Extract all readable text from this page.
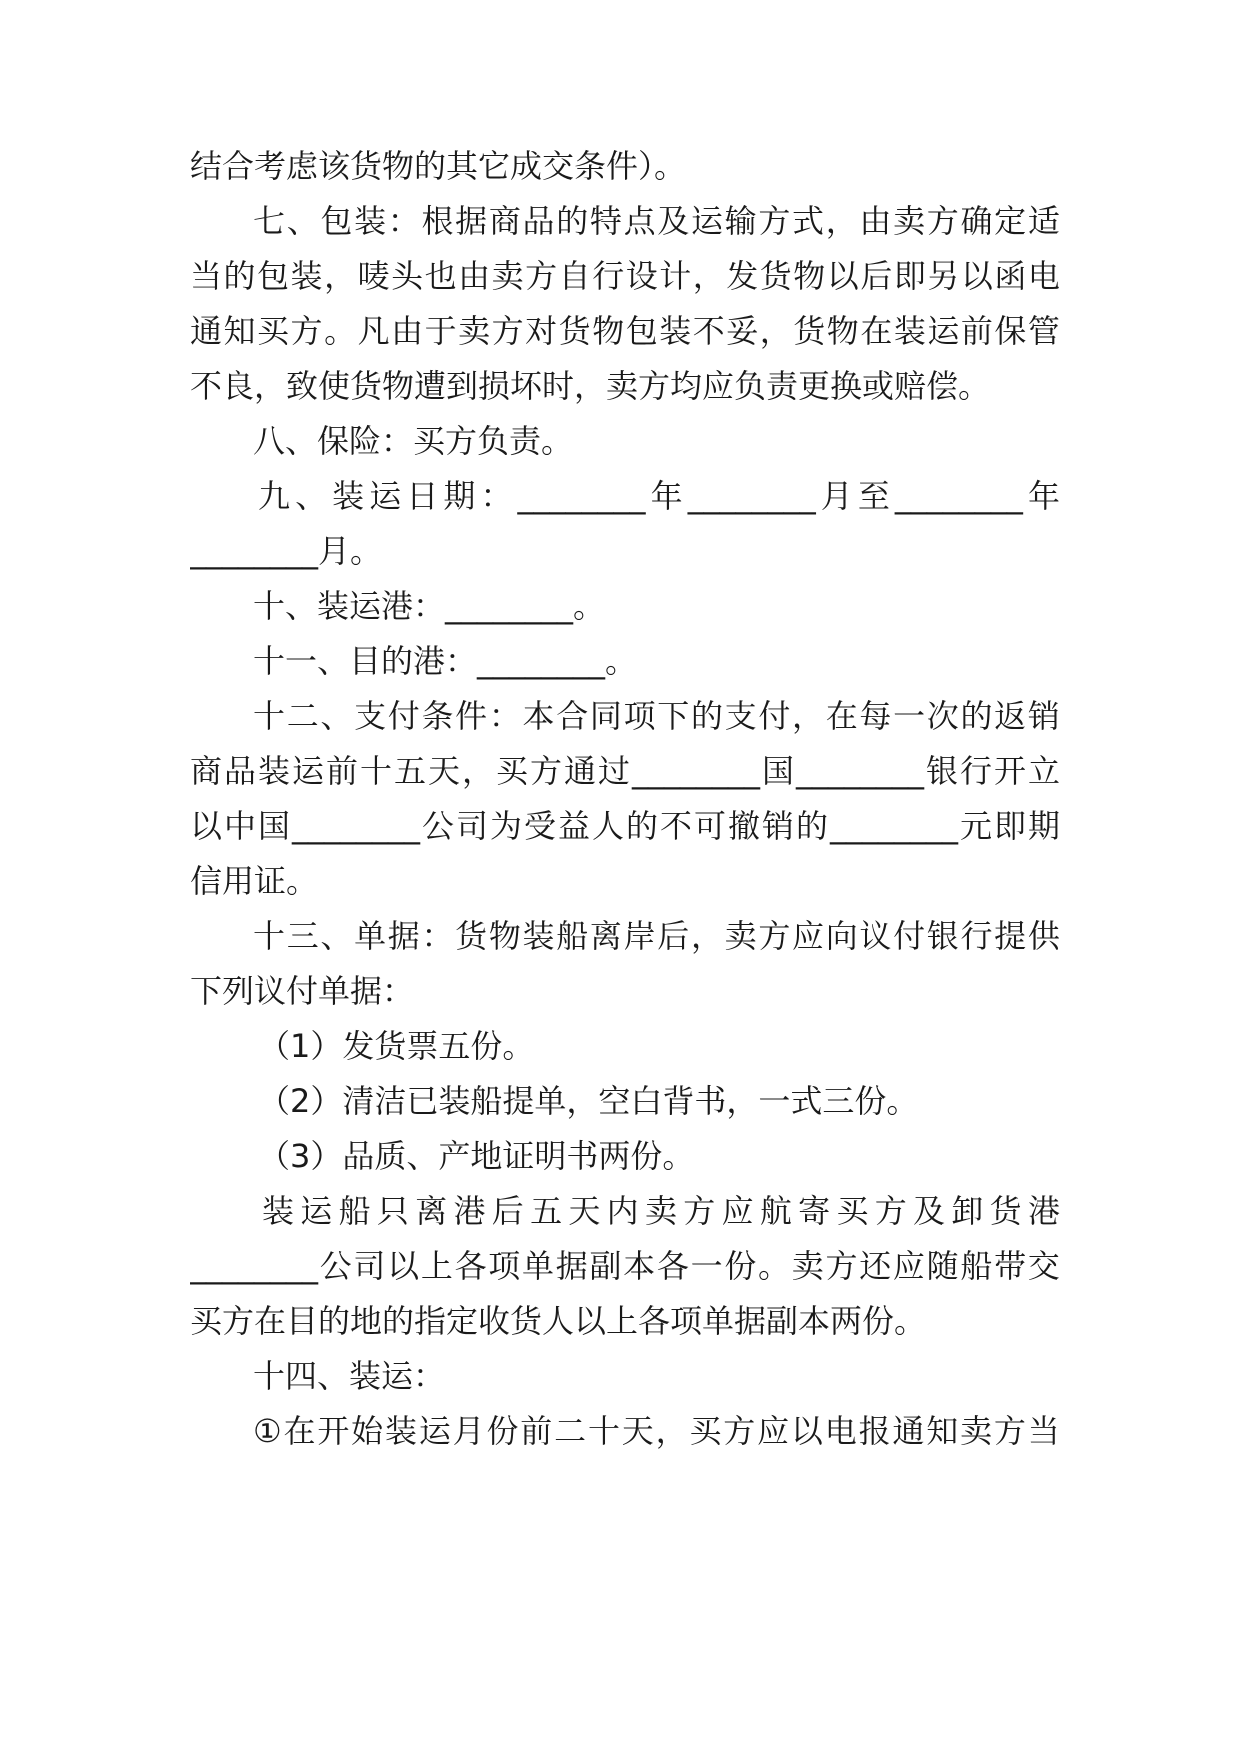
结合考虑该货物的其它成交条件）。
七 、 包 装 ： 根 据 商 品 的 特 点 及 运 输 方 式 ， 由 卖 方 确 定 适
当 的 包 装 ， 唛 头 也 由 卖 方 自 行 设 计 ， 发 货 物 以 后 即 另 以 函 电
通 知 买 方 。 凡 由 于 卖 方 对 货 物 包 装 不 妥 ， 货 物 在 装 运 前 保 管
不良，致使货物遭到损坏时，卖方均应负责更换或赔偿。
八、保险：买方负责。
九 、 装 运 日 期 ： ________ 年 ________ 月 至 ________ 年
________月。
十、装运港：________。
十一、目的港：________。
十 二 、 支 付 条 件 ： 本 合 同 项 下 的 支 付 ， 在 每 一 次 的 返 销
商 品 装 运 前 十 五 天 ， 买 方 通 过 ________ 国 ________ 银 行 开 立
以 中 国 ________ 公 司 为 受 益 人 的 不 可 撤 销 的 ________ 元 即 期
信用证。
十 三 、 单 据 ： 货 物 装 船 离 岸 后 ， 卖 方 应 向 议 付 银 行 提 供
下列议付单据：
（1）发货票五份。
（2）清洁已装船提单，空白背书，一式三份。
（3）品质、产地证明书两份。
装 运 船 只 离 港 后 五 天 内 卖 方 应 航 寄 买 方 及 卸 货 港
________ 公 司 以 上 各 项 单 据 副 本 各 一 份 。 卖 方 还 应 随 船 带 交
买方在目的地的指定收货人以上各项单据副本两份。
十四、装运：
① 在 开 始 装 运 月 份 前 二 十 天 ， 买 方 应 以 电 报 通 知 卖 方 当
